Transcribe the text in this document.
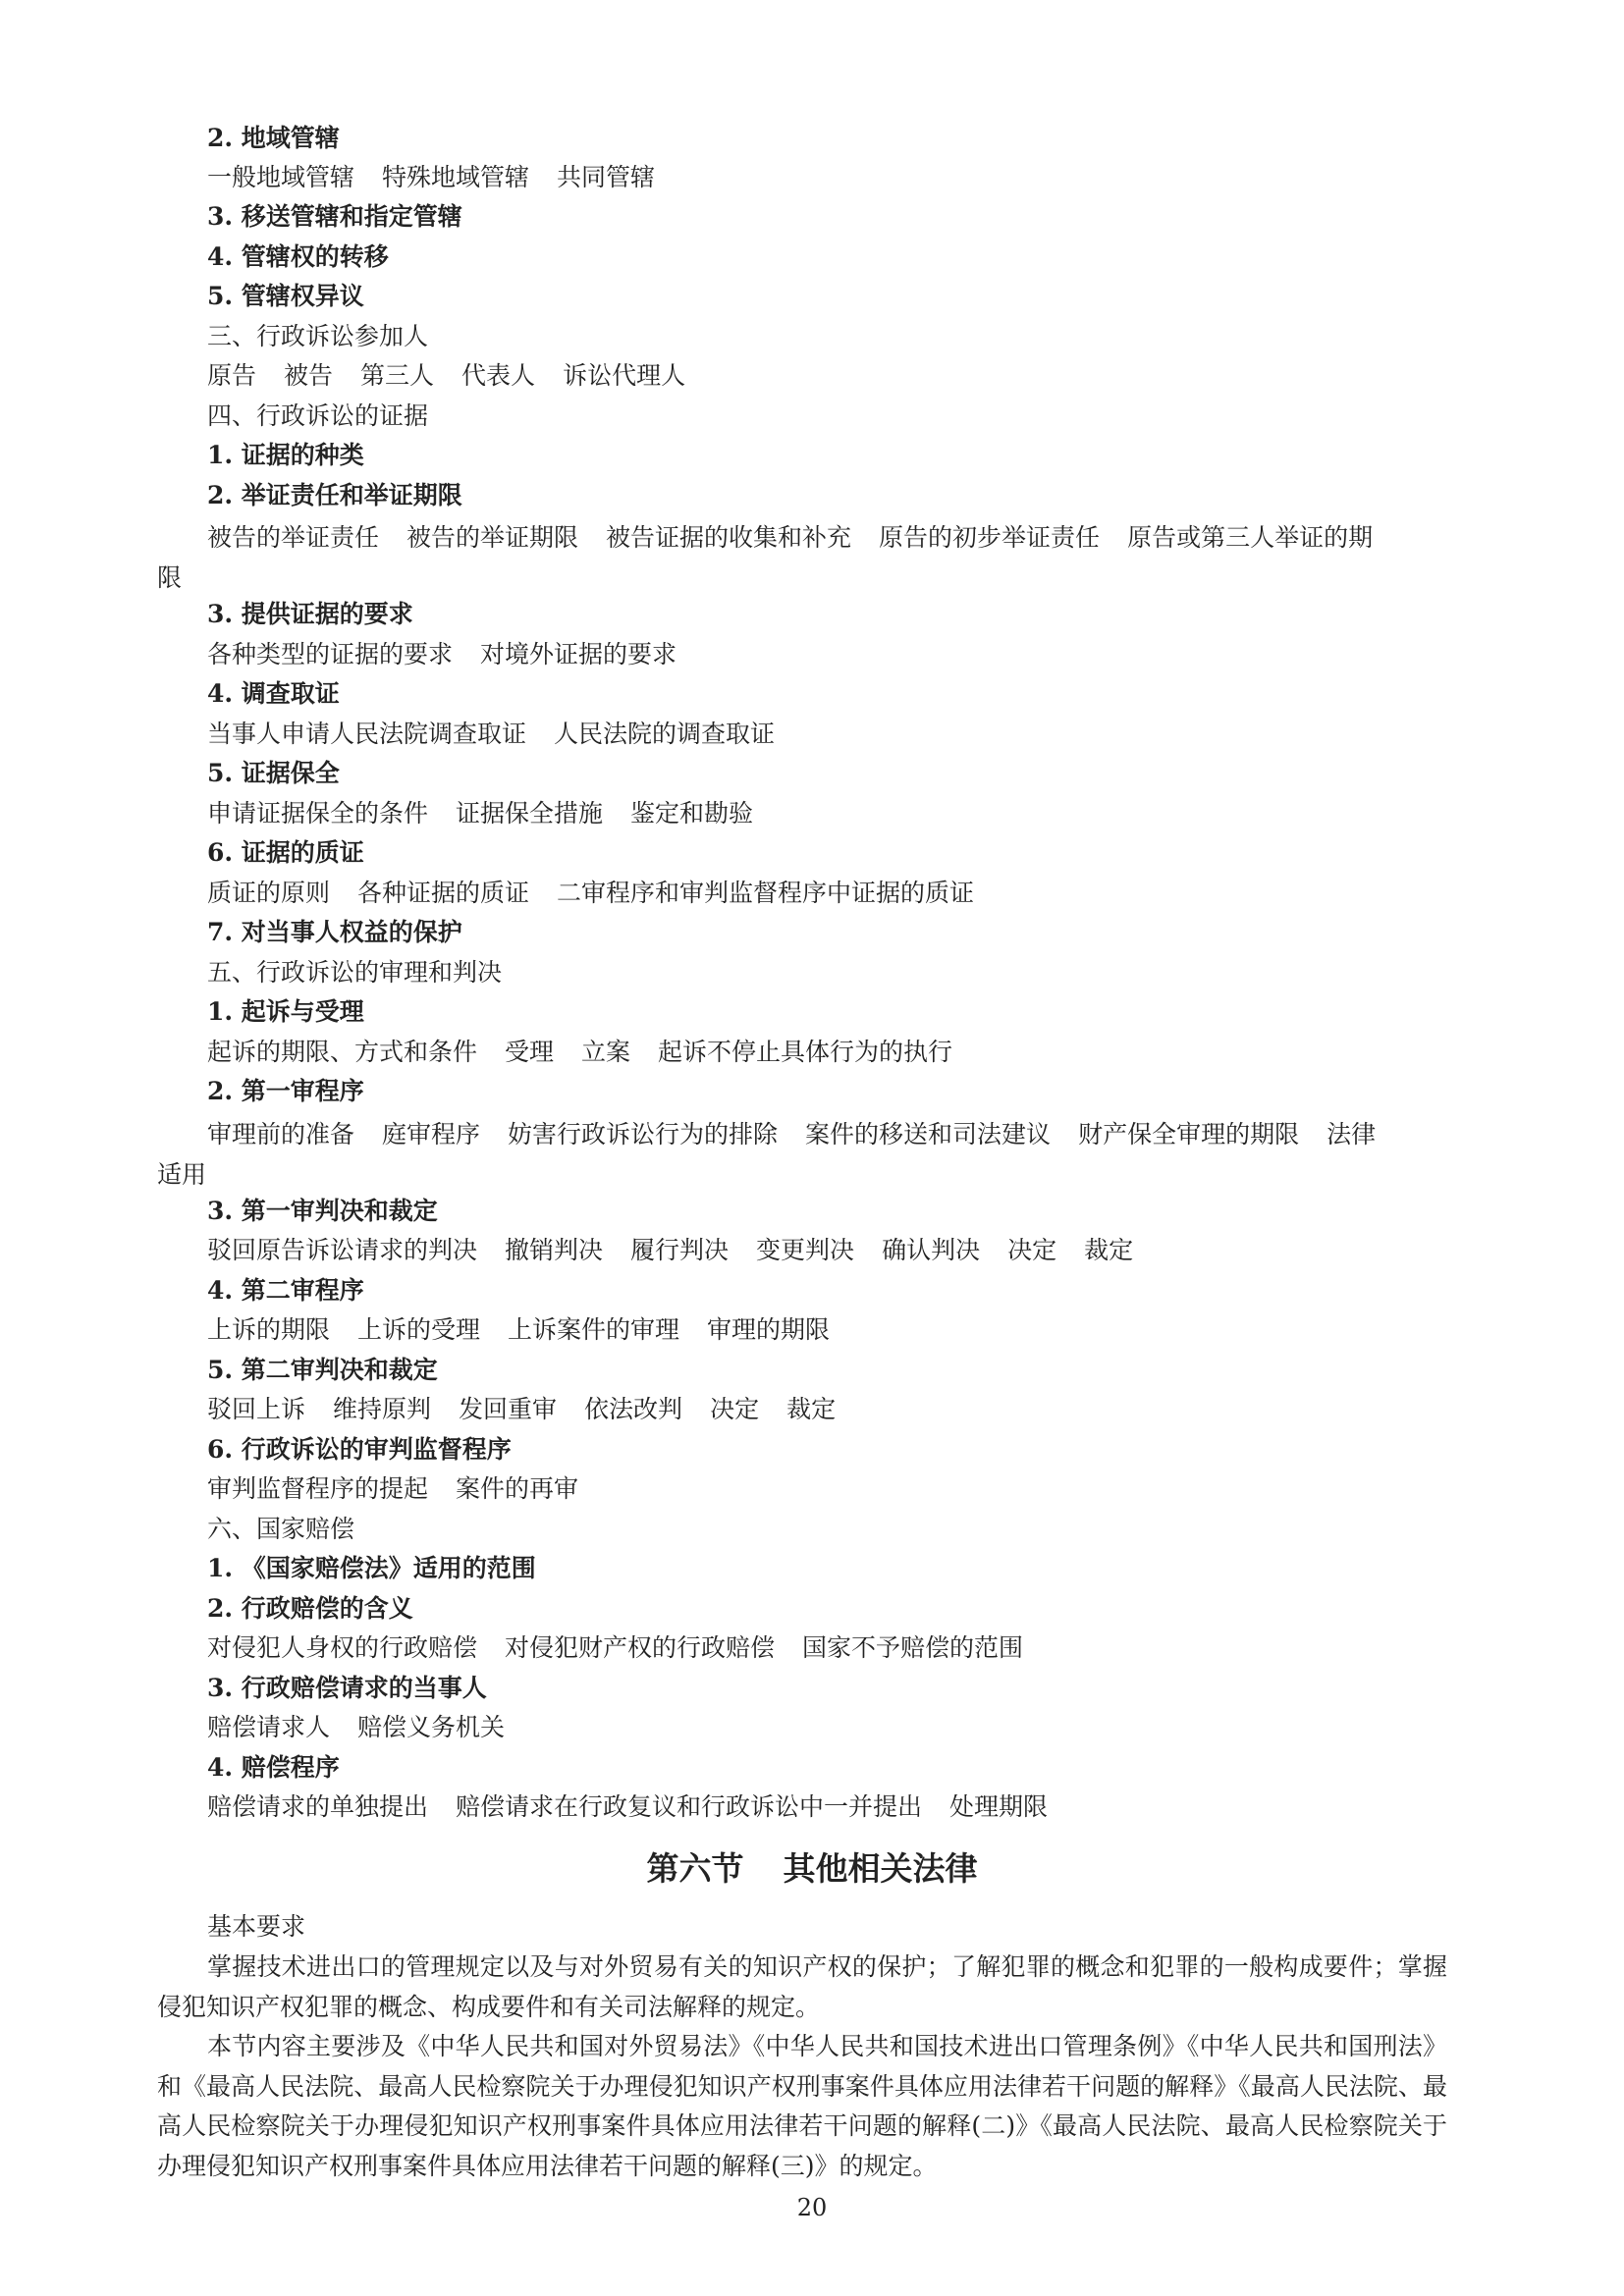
2. 地域管辖
一般地域管辖 特殊地域管辖 共同管辖
3. 移送管辖和指定管辖
4. 管辖权的转移
5. 管辖权异议
三、行政诉讼参加人
原告 被告 第三人 代表人 诉讼代理人
四、行政诉讼的证据
1. 证据的种类
2. 举证责任和举证期限
被告的举证责任 被告的举证期限 被告证据的收集和补充 原告的初步举证责任 原告或第三人举证的期
限
3. 提供证据的要求
各种类型的证据的要求 对境外证据的要求
4. 调查取证
当事人申请人民法院调查取证 人民法院的调查取证
5. 证据保全
申请证据保全的条件 证据保全措施 鉴定和勘验
6. 证据的质证
质证的原则 各种证据的质证 二审程序和审判监督程序中证据的质证
7. 对当事人权益的保护
五、行政诉讼的审理和判决
1. 起诉与受理
起诉的期限、方式和条件 受理 立案 起诉不停止具体行为的执行
2. 第一审程序
审理前的准备 庭审程序 妨害行政诉讼行为的排除 案件的移送和司法建议 财产保全审理的期限 法律
适用
3. 第一审判决和裁定
驳回原告诉讼请求的判决 撤销判决 履行判决 变更判决 确认判决 决定 裁定
4. 第二审程序
上诉的期限 上诉的受理 上诉案件的审理 审理的期限
5. 第二审判决和裁定
驳回上诉 维持原判 发回重审 依法改判 决定 裁定
6. 行政诉讼的审判监督程序
审判监督程序的提起 案件的再审
六、国家赔偿
1. 《国家赔偿法》适用的范围
2. 行政赔偿的含义
对侵犯人身权的行政赔偿 对侵犯财产权的行政赔偿 国家不予赔偿的范围
3. 行政赔偿请求的当事人
赔偿请求人 赔偿义务机关
4. 赔偿程序
赔偿请求的单独提出 赔偿请求在行政复议和行政诉讼中一并提出 处理期限
第六节 其他相关法律
基本要求
掌握技术进出口的管理规定以及与对外贸易有关的知识产权的保护；了解犯罪的概念和犯罪的一般构成要件；掌握侵犯知识产权犯罪的概念、构成要件和有关司法解释的规定。
本节内容主要涉及《中华人民共和国对外贸易法》《中华人民共和国技术进出口管理条例》《中华人民共和国刑法》和《最高人民法院、最高人民检察院关于办理侵犯知识产权刑事案件具体应用法律若干问题的解释》《最高人民法院、最高人民检察院关于办理侵犯知识产权刑事案件具体应用法律若干问题的解释(二)》《最高人民法院、最高人民检察院关于办理侵犯知识产权刑事案件具体应用法律若干问题的解释(三)》的规定。
20
